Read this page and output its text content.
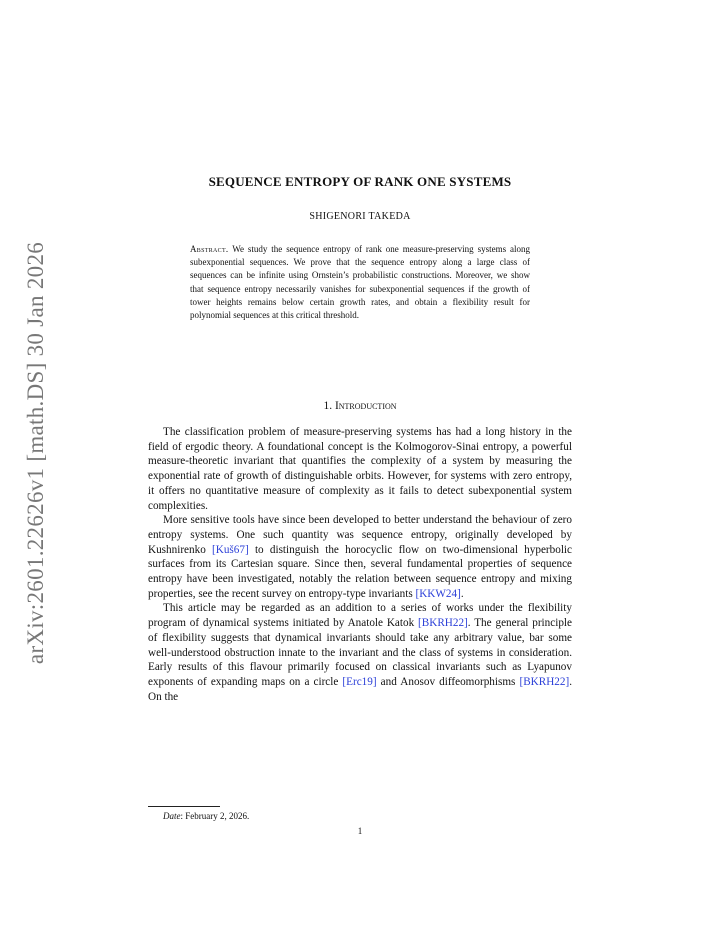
arXiv:2601.22626v1 [math.DS] 30 Jan 2026
SEQUENCE ENTROPY OF RANK ONE SYSTEMS
SHIGENORI TAKEDA
Abstract. We study the sequence entropy of rank one measure-preserving systems along subexponential sequences. We prove that the sequence entropy along a large class of sequences can be infinite using Ornstein’s probabilistic constructions. Moreover, we show that sequence entropy necessarily vanishes for subexponential sequences if the growth of tower heights remains below certain growth rates, and obtain a flexibility result for polynomial sequences at this critical threshold.
1. Introduction

The classification problem of measure-preserving systems has had a long history in the field of ergodic theory. A foundational concept is the Kolmogorov-Sinai entropy, a powerful measure-theoretic invariant that quantifies the complexity of a system by measuring the exponential rate of growth of distinguishable orbits. However, for systems with zero entropy, it offers no quantitative measure of complexity as it fails to detect subexponential system complexities.

More sensitive tools have since been developed to better understand the behaviour of zero entropy systems. One such quantity was sequence entropy, originally developed by Kushnirenko [Kuš67] to distinguish the horocyclic flow on two-dimensional hyperbolic surfaces from its Cartesian square. Since then, several fundamental properties of sequence entropy have been investigated, notably the relation between sequence entropy and mixing properties, see the recent survey on entropy-type invariants [KKW24].

This article may be regarded as an addition to a series of works under the flexibility program of dynamical systems initiated by Anatole Katok [BKRH22]. The general principle of flexibility suggests that dynamical invariants should take any arbitrary value, bar some well-understood obstruction innate to the invariant and the class of systems in consideration. Early results of this flavour primarily focused on classical invariants such as Lyapunov exponents of expanding maps on a circle [Erc19] and Anosov diffeomorphisms [BKRH22]. On the

Date: February 2, 2026.
1
